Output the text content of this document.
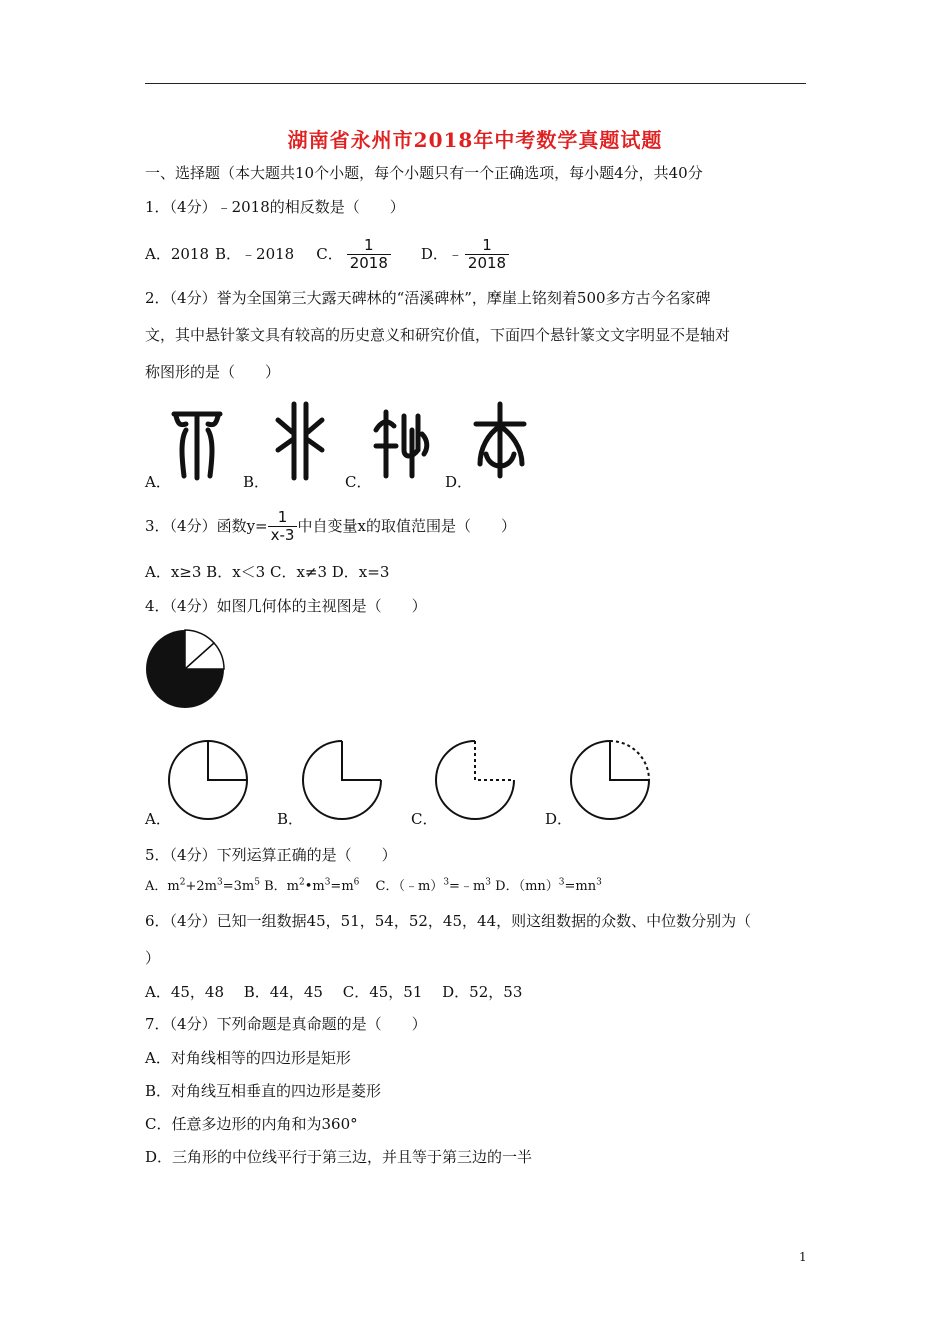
湖南省永州市2018年中考数学真题试题
一、选择题（本大题共10个小题，每个小题只有一个正确选项，每小题4分，共40分
1．（4分）﹣2018的相反数是（　　）
A．2018 B．﹣2018 C． $\frac{1}{2018}$ D．﹣ $\frac{1}{2018}$
2．（4分）誉为全国第三大露天碑林的“浯溪碑林”，摩崖上铭刻着500多方古今名家碑
文，其中悬针篆文具有较高的历史意义和研究价值，下面四个悬针篆文文字明显不是轴对
称图形的是（　　）
A．	B．	C．	D．
3．（4分）函数$y= \frac{1}{x-3}$ 中自变量x的取值范围是（　　）
A．x≥3 B．x＜3 C．x≠3 D．x=3
4．（4分）如图几何体的主视图是（　　）
A．	B．	C．	D．
5．（4分）下列运算正确的是（　　）
A．$m^2+2m^3=3m^5$ B．$m^2•m^3=m^6$ C．$(﹣m)^3=﹣m^3$ D．$(mn)^3=mn^3$
6．（4分）已知一组数据45，51，54，52，45，44，则这组数据的众数、中位数分别为（
）
A．45，48　 B．44，45　 C．45，51　 D．52，53
7．（4分）下列命题是真命题的是（　　）
A．对角线相等的四边形是矩形
B．对角线互相垂直的四边形是菱形
C．任意多边形的内角和为360°
D．三角形的中位线平行于第三边，并且等于第三边的一半
1
